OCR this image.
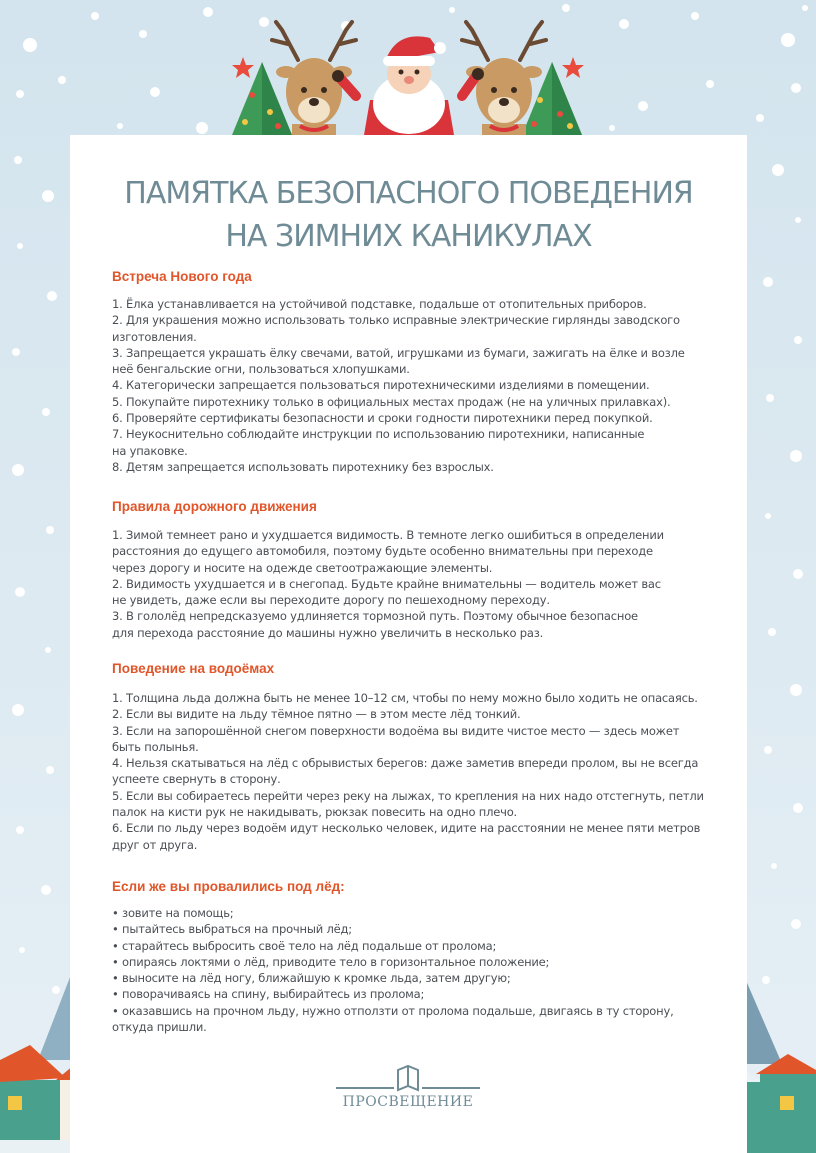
ПАМЯТКА БЕЗОПАСНОГО ПОВЕДЕНИЯ
НА ЗИМНИХ КАНИКУЛАХ
Встреча Нового года
1. Ёлка устанавливается на устойчивой подставке, подальше от отопительных приборов.
2. Для украшения можно использовать только исправные электрические гирлянды заводского
изготовления.
3. Запрещается украшать ёлку свечами, ватой, игрушками из бумаги, зажигать на ёлке и возле
неё бенгальские огни, пользоваться хлопушками.
4. Категорически запрещается пользоваться пиротехническими изделиями в помещении.
5. Покупайте пиротехнику только в официальных местах продаж (не на уличных прилавках).
6. Проверяйте сертификаты безопасности и сроки годности пиротехники перед покупкой.
7. Неукоснительно соблюдайте инструкции по использованию пиротехники, написанные
на упаковке.
8. Детям запрещается использовать пиротехнику без взрослых.
Правила дорожного движения
1. Зимой темнеет рано и ухудшается видимость. В темноте легко ошибиться в определении
расстояния до едущего автомобиля, поэтому будьте особенно внимательны при переходе
через дорогу и носите на одежде светоотражающие элементы.
2. Видимость ухудшается и в снегопад. Будьте крайне внимательны — водитель может вас
не увидеть, даже если вы переходите дорогу по пешеходному переходу.
3. В гололёд непредсказуемо удлиняется тормозной путь. Поэтому обычное безопасное
для перехода расстояние до машины нужно увеличить в несколько раз.
Поведение на водоёмах
1. Толщина льда должна быть не менее 10–12 см, чтобы по нему можно было ходить не опасаясь.
2. Если вы видите на льду тёмное пятно — в этом месте лёд тонкий.
3. Если на запорошённой снегом поверхности водоёма вы видите чистое место — здесь может
быть полынья.
4. Нельзя скатываться на лёд с обрывистых берегов: даже заметив впереди пролом, вы не всегда
успеете свернуть в сторону.
5. Если вы собираетесь перейти через реку на лыжах, то крепления на них надо отстегнуть, петли
палок на кисти рук не накидывать, рюкзак повесить на одно плечо.
6. Если по льду через водоём идут несколько человек, идите на расстоянии не менее пяти метров
друг от друга.
Если же вы провалились под лёд:
• зовите на помощь;
• пытайтесь выбраться на прочный лёд;
• старайтесь выбросить своё тело на лёд подальше от пролома;
• опираясь локтями о лёд, приводите тело в горизонтальное положение;
• выносите на лёд ногу, ближайшую к кромке льда, затем другую;
• поворачиваясь на спину, выбирайтесь из пролома;
• оказавшись на прочном льду, нужно отползти от пролома подальше, двигаясь в ту сторону,
откуда пришли.
ПРОСВЕЩЕНИЕ
